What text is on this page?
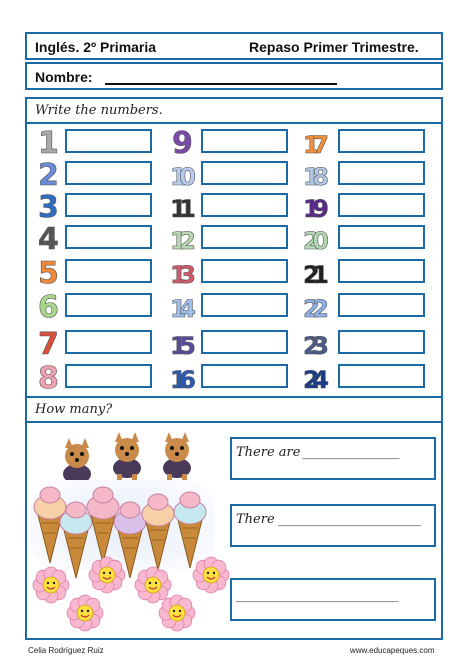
Inglés. 2º Primaria	Repaso Primer Trimestre.
Nombre:
Write the numbers.
1
2
3
4
5
6
7
8
9
10
11
12
13
14
15
16
17
18
19
20
21
22
23
24
How many?
There are _______________
There ______________________
_________________________
Celia Rodríguez Ruiz	www.educapeques.com
